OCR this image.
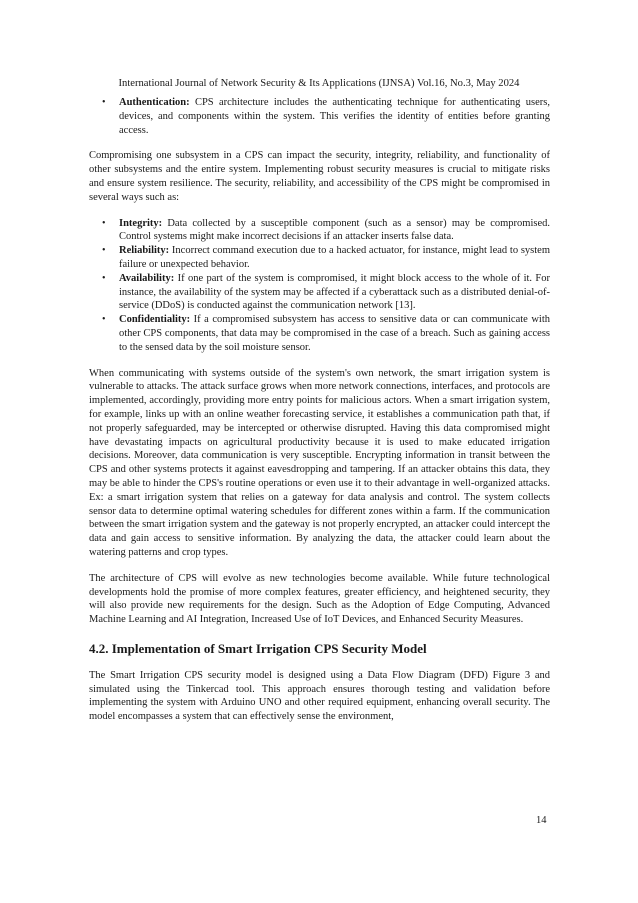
International Journal of Network Security & Its Applications (IJNSA) Vol.16, No.3, May 2024
• Authentication: CPS architecture includes the authenticating technique for authenticating users, devices, and components within the system. This verifies the identity of entities before granting access.

Compromising one subsystem in a CPS can impact the security, integrity, reliability, and functionality of other subsystems and the entire system. Implementing robust security measures is crucial to mitigate risks and ensure system resilience. The security, reliability, and accessibility of the CPS might be compromised in several ways such as:

• Integrity: Data collected by a susceptible component (such as a sensor) may be compromised. Control systems might make incorrect decisions if an attacker inserts false data.
• Reliability: Incorrect command execution due to a hacked actuator, for instance, might lead to system failure or unexpected behavior.
• Availability: If one part of the system is compromised, it might block access to the whole of it. For instance, the availability of the system may be affected if a cyberattack such as a distributed denial-of-service (DDoS) is conducted against the communication network [13].
• Confidentiality: If a compromised subsystem has access to sensitive data or can communicate with other CPS components, that data may be compromised in the case of a breach. Such as gaining access to the sensed data by the soil moisture sensor.

When communicating with systems outside of the system's own network, the smart irrigation system is vulnerable to attacks. The attack surface grows when more network connections, interfaces, and protocols are implemented, accordingly, providing more entry points for malicious actors. When a smart irrigation system, for example, links up with an online weather forecasting service, it establishes a communication path that, if not properly safeguarded, may be intercepted or otherwise disrupted. Having this data compromised might have devastating impacts on agricultural productivity because it is used to make educated irrigation decisions. Moreover, data communication is very susceptible. Encrypting information in transit between the CPS and other systems protects it against eavesdropping and tampering. If an attacker obtains this data, they may be able to hinder the CPS's routine operations or even use it to their advantage in well-organized attacks. Ex: a smart irrigation system that relies on a gateway for data analysis and control. The system collects sensor data to determine optimal watering schedules for different zones within a farm. If the communication between the smart irrigation system and the gateway is not properly encrypted, an attacker could intercept the data and gain access to sensitive information. By analyzing the data, the attacker could learn about the watering patterns and crop types.

The architecture of CPS will evolve as new technologies become available. While future technological developments hold the promise of more complex features, greater efficiency, and heightened security, they will also provide new requirements for the design. Such as the Adoption of Edge Computing, Advanced Machine Learning and AI Integration, Increased Use of IoT Devices, and Enhanced Security Measures.

4.2. Implementation of Smart Irrigation CPS Security Model

The Smart Irrigation CPS security model is designed using a Data Flow Diagram (DFD) Figure 3 and simulated using the Tinkercad tool. This approach ensures thorough testing and validation before implementing the system with Arduino UNO and other required equipment, enhancing overall security. The model encompasses a system that can effectively sense the environment,

14
